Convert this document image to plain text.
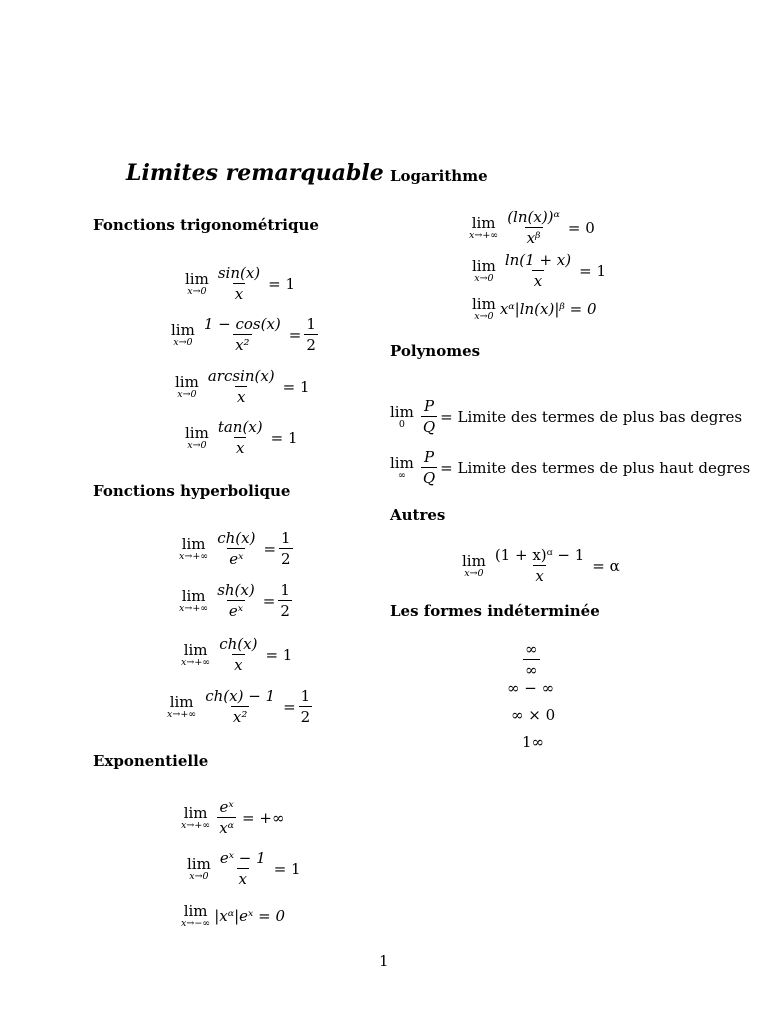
Limites remarquable
Fonctions trigonométrique
lim
$x\to 0 \frac{\sin(x)}{x} = 1$
lim
$x\to 0 \frac{1 - \cos(x)}{\text{x²}} = \frac{1}{2}$
lim
$x\to 0 \frac{\arcsin(x)}{x} = 1$
lim
$x\to 0 \frac{\tan(x)}{x} = 1$
Fonctions hyperbolique
lim
$x\to+\infty \frac{ch(x)}{\text{eˣ}} = \frac{1}{2}$
lim
$x\to+\infty \frac{sh(x)}{\text{eˣ}} = \frac{1}{2}$
lim
$x\to+\infty \frac{ch(x)}{x} = 1$
lim
$x\to+\infty \frac{ch(x) - 1}{\text{x²}} = \frac{1}{2}$
Exponentielle
lim
$x\to+\infty \frac{\text{eˣ}}{\text{xᵅ}}$ = +∞
lim
$x\to 0 \frac{\text{eˣ − 1}}{x} = 1$
lim
x→−∞ |xᵅ|eˣ = 0
Logarithme
lim
$x\to+\infty \frac{\text{(ln(x))ᵅ}}{\text{xᵝ}} = 0$
lim
$x\to 0 \frac{\ln(1 + x)}{x} = 1$
lim
x→0 xᵅ|ln(x)|ᵝ = 0
Polynomes
lim
$0 \frac{P}{Q}$ = Limite des termes de plus bas degres
lim
∞ $\frac{P}{Q}$ = Limite des termes de plus haut degres
Autres
lim
$x\to 0 \frac{\text{(1 + x)ᵅ − 1}}{x} = \alpha$
Les formes indéterminée
∞
∞
∞ − ∞
∞ × 0
1∞
1
